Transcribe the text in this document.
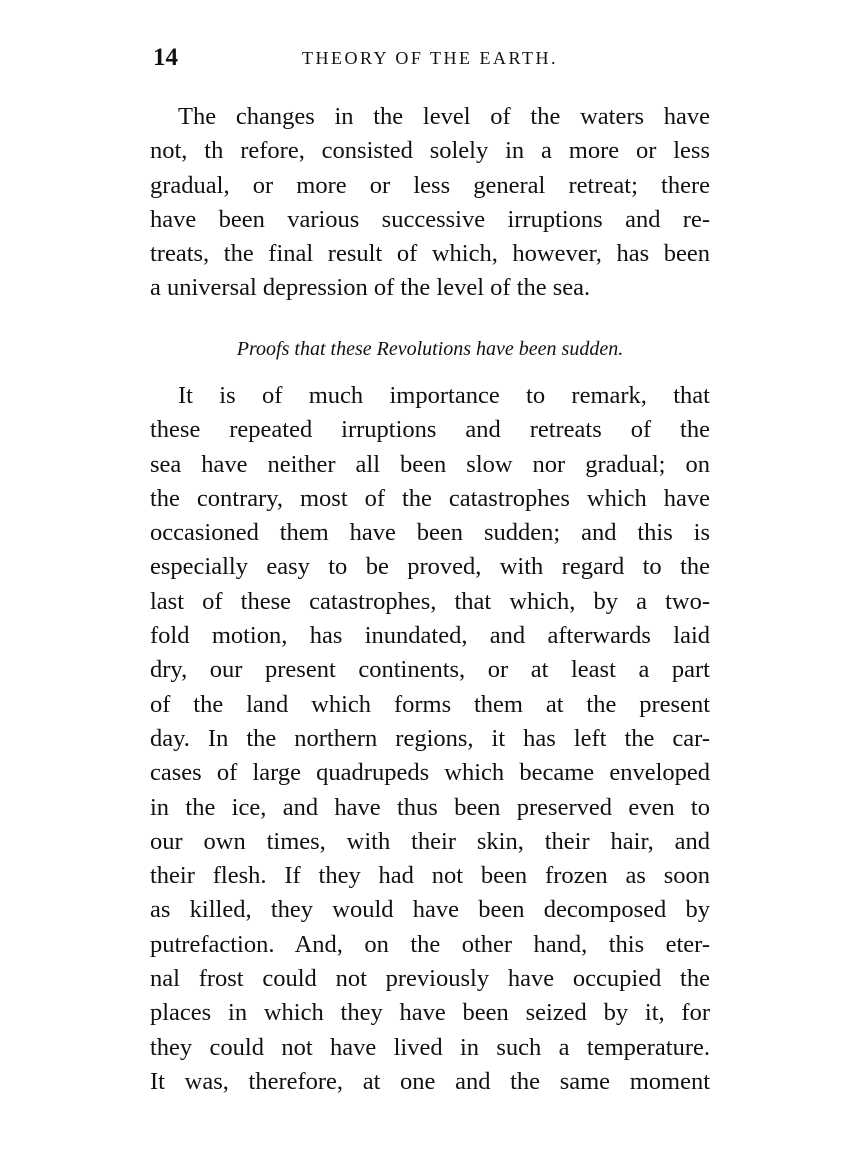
14	THEORY OF THE EARTH.
The changes in the level of the waters have
not, th refore, consisted solely in a more or less
gradual, or more or less general retreat; there
have been various successive irruptions and re-
treats, the final result of which, however, has been
a universal depression of the level of the sea.
Proofs that these Revolutions have been sudden.
It is of much importance to remark, that
these repeated irruptions and retreats of the
sea have neither all been slow nor gradual; on
the contrary, most of the catastrophes which have
occasioned them have been sudden; and this is
especially easy to be proved, with regard to the
last of these catastrophes, that which, by a two-
fold motion, has inundated, and afterwards laid
dry, our present continents, or at least a part
of the land which forms them at the present
day. In the northern regions, it has left the car-
cases of large quadrupeds which became enveloped
in the ice, and have thus been preserved even to
our own times, with their skin, their hair, and
their flesh. If they had not been frozen as soon
as killed, they would have been decomposed by
putrefaction. And, on the other hand, this eter-
nal frost could not previously have occupied the
places in which they have been seized by it, for
they could not have lived in such a temperature.
It was, therefore, at one and the same moment
